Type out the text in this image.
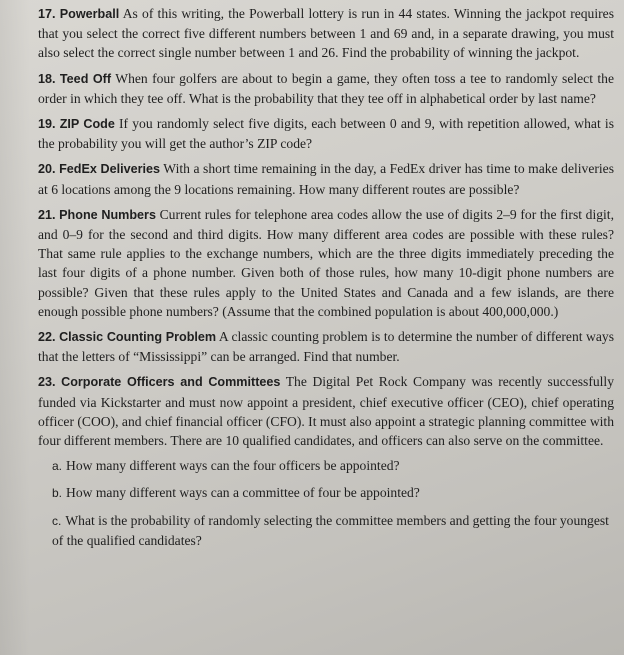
17. Powerball As of this writing, the Powerball lottery is run in 44 states. Winning the jackpot requires that you select the correct five different numbers between 1 and 69 and, in a separate drawing, you must also select the correct single number between 1 and 26. Find the probability of winning the jackpot.

18. Teed Off When four golfers are about to begin a game, they often toss a tee to randomly select the order in which they tee off. What is the probability that they tee off in alphabetical order by last name?

19. ZIP Code If you randomly select five digits, each between 0 and 9, with repetition allowed, what is the probability you will get the author’s ZIP code?

20. FedEx Deliveries With a short time remaining in the day, a FedEx driver has time to make deliveries at 6 locations among the 9 locations remaining. How many different routes are possible?

21. Phone Numbers Current rules for telephone area codes allow the use of digits 2–9 for the first digit, and 0–9 for the second and third digits. How many different area codes are possible with these rules? That same rule applies to the exchange numbers, which are the three digits immediately preceding the last four digits of a phone number. Given both of those rules, how many 10-digit phone numbers are possible? Given that these rules apply to the United States and Canada and a few islands, are there enough possible phone numbers? (Assume that the combined population is about 400,000,000.)

22. Classic Counting Problem A classic counting problem is to determine the number of different ways that the letters of “Mississippi” can be arranged. Find that number.

23. Corporate Officers and Committees The Digital Pet Rock Company was recently successfully funded via Kickstarter and must now appoint a president, chief executive officer (CEO), chief operating officer (COO), and chief financial officer (CFO). It must also appoint a strategic planning committee with four different members. There are 10 qualified candidates, and officers can also serve on the committee.

a. How many different ways can the four officers be appointed?

b. How many different ways can a committee of four be appointed?

c. What is the probability of randomly selecting the committee members and getting the four youngest of the qualified candidates?
